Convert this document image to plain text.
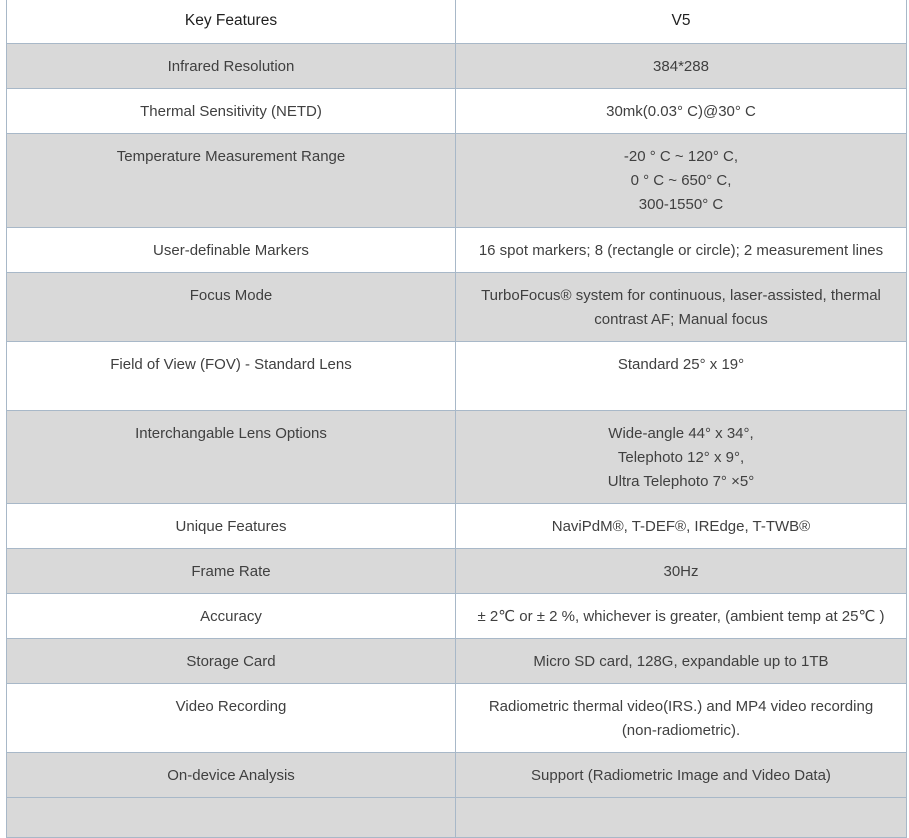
Key Features	V5
Infrared Resolution	384*288

Thermal Sensitivity (NETD)	30mk(0.03° C)@30° C

Temperature Measurement Range	-20 ° C ~ 120° C,
0 ° C ~ 650° C,
300-1550° C

User-definable Markers	16 spot markers; 8 (rectangle or circle); 2 measurement lines

Focus Mode	TurboFocus® system for continuous, laser-assisted, thermal
contrast AF; Manual focus

Field of View (FOV) - Standard Lens	Standard 25° x 19°

Interchangable Lens Options	Wide-angle 44° x 34°,
Telephoto 12° x 9°,
Ultra Telephoto 7° ×5°

Unique Features	NaviPdM®, T-DEF®, IREdge, T-TWB®

Frame Rate	30Hz

Accuracy	± 2℃ or ± 2 %, whichever is greater, (ambient temp at 25℃ )

Storage Card	Micro SD card, 128G, expandable up to 1TB

Video Recording	Radiometric thermal video(IRS.) and MP4 video recording
(non-radiometric).

On-device Analysis	Support (Radiometric Image and Video Data)
